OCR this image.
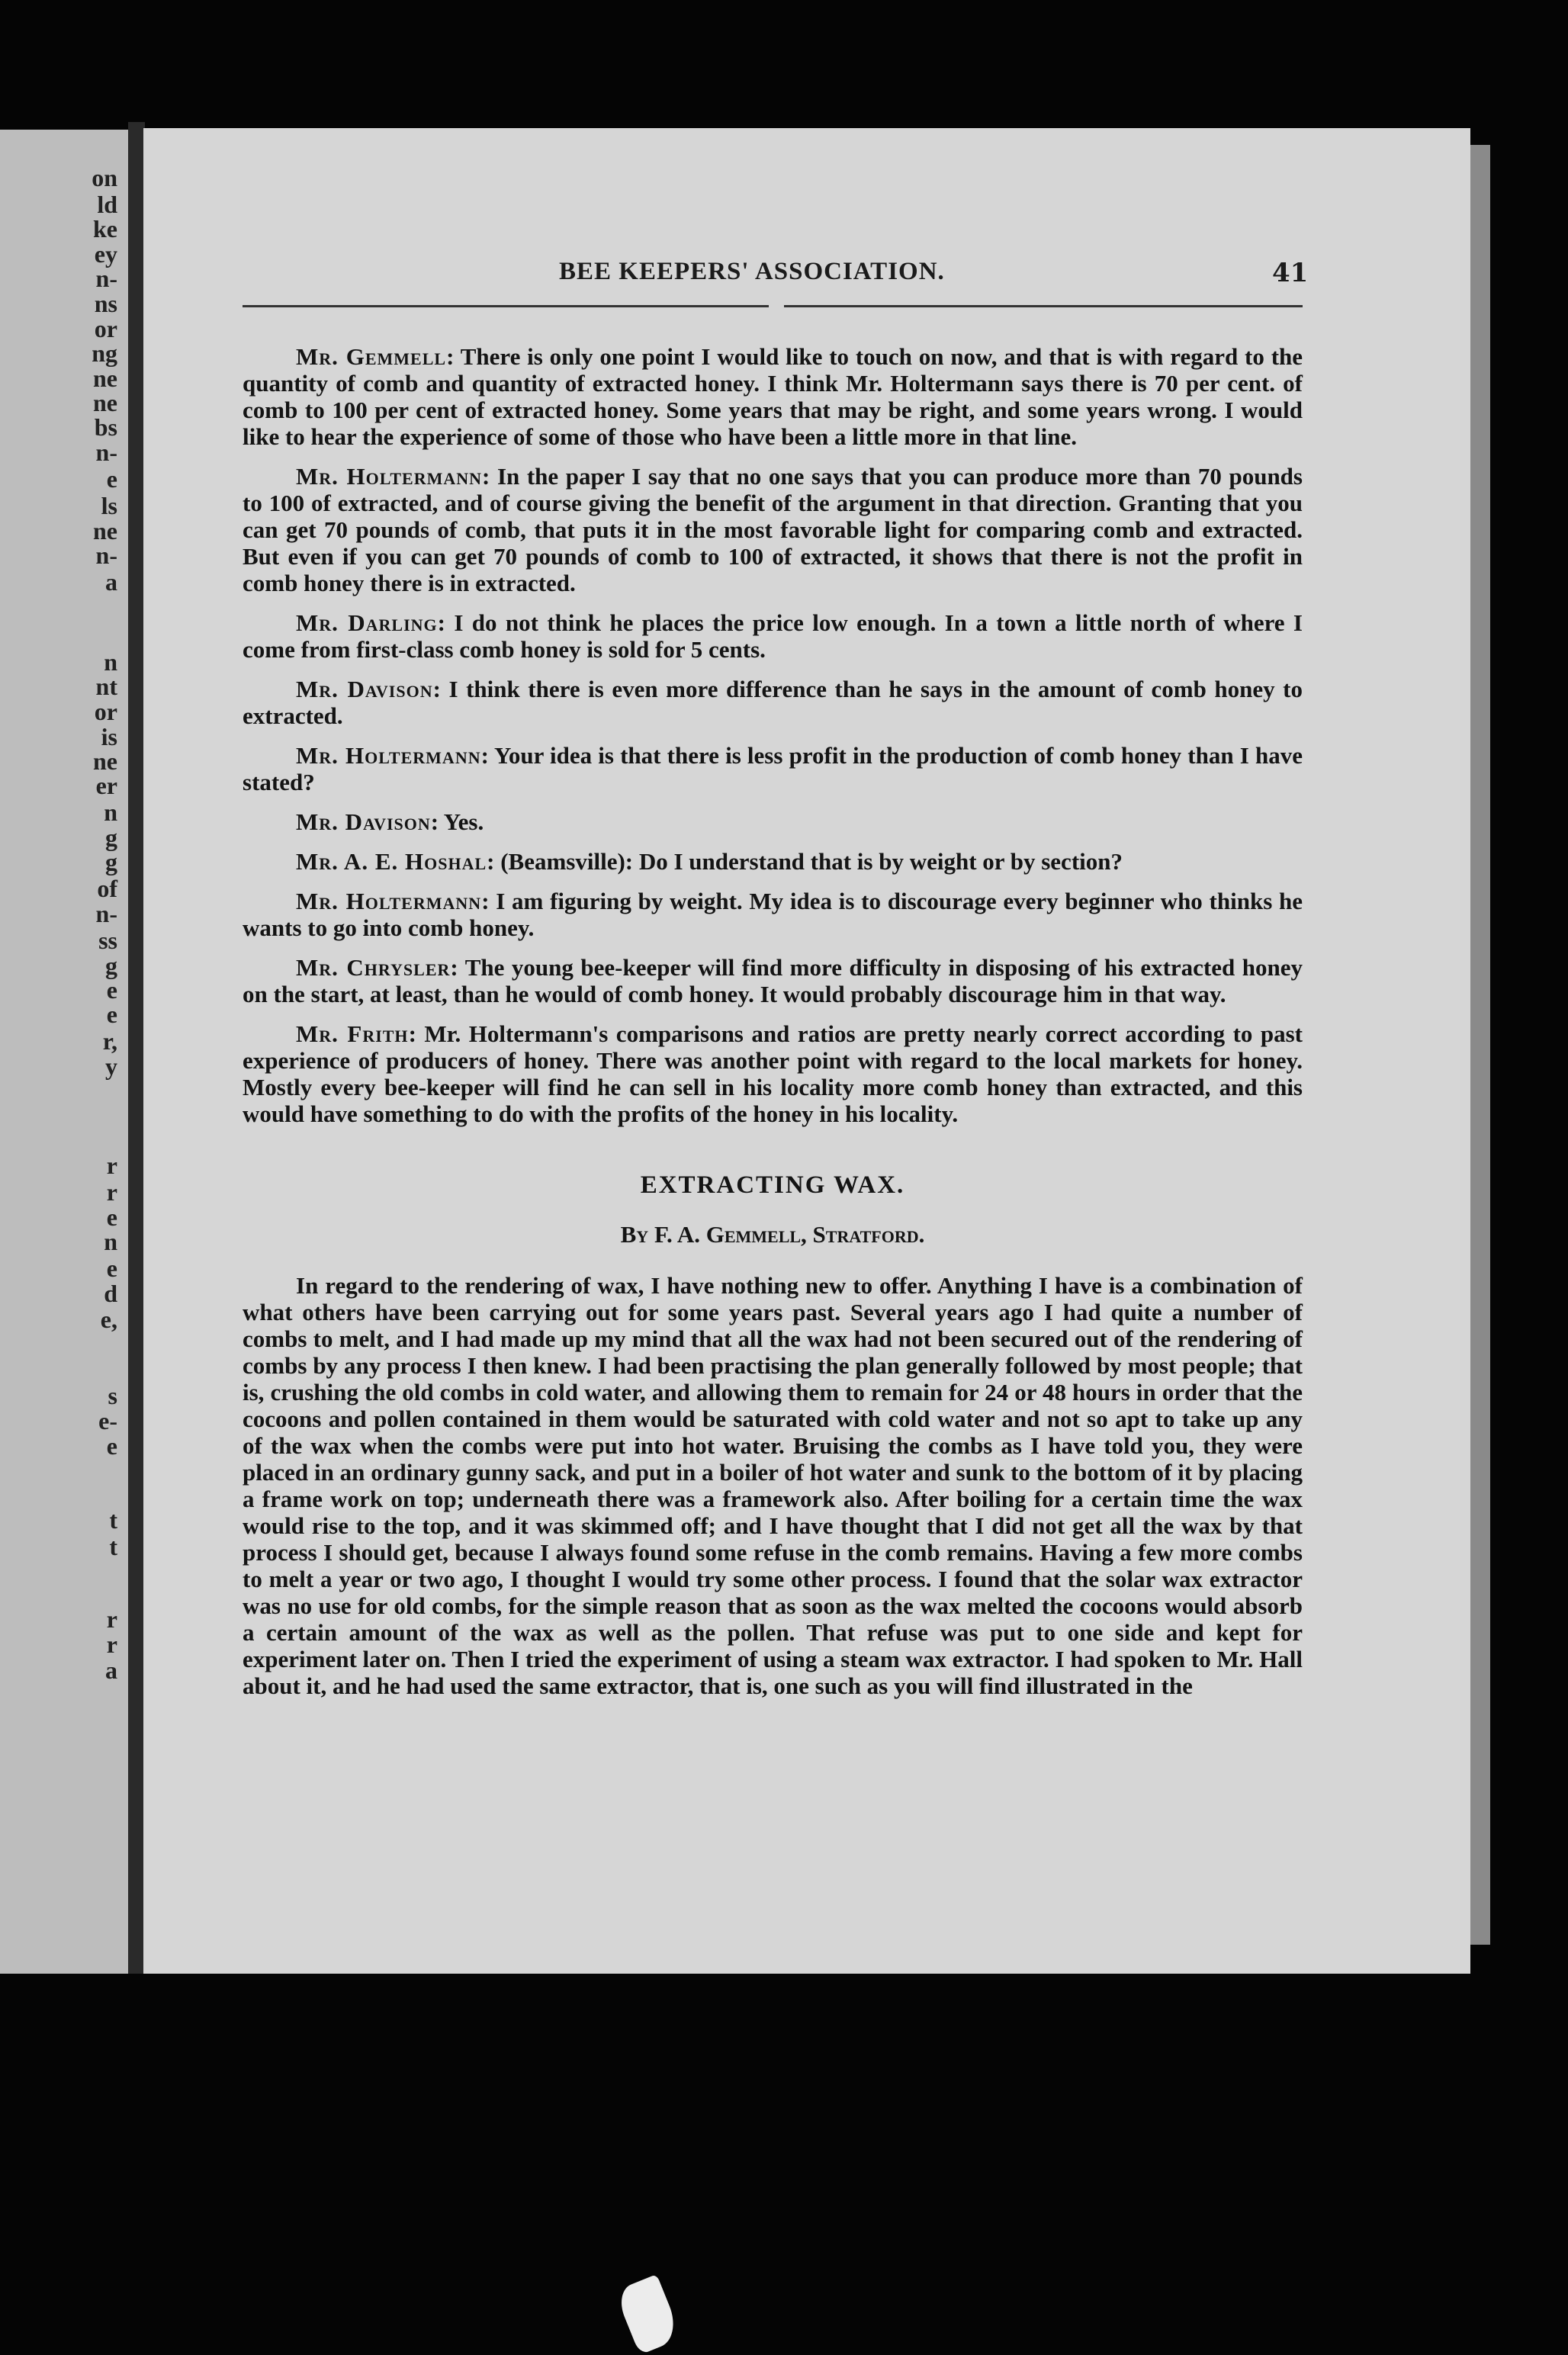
on
ld
ke
ey
n-
ns
or
ng
ne
ne
bs
n-
e
ls
ne
n-
a
n
nt
or
is
ne
er
n
g
g
of
n-
ss
g
e
e
r,
y
r
r
e
n
e
d
e,
s
e-
e
t
t
r
r
a
BEE KEEPERS' ASSOCIATION.	41

Mr. Gemmell: There is only one point I would like to touch on now, and that is with regard to the quantity of comb and quantity of extracted honey. I think Mr. Holtermann says there is 70 per cent. of comb to 100 per cent of extracted honey. Some years that may be right, and some years wrong. I would like to hear the experience of some of those who have been a little more in that line.

Mr. Holtermann: In the paper I say that no one says that you can produce more than 70 pounds to 100 of extracted, and of course giving the benefit of the argument in that direction. Granting that you can get 70 pounds of comb, that puts it in the most favorable light for comparing comb and extracted. But even if you can get 70 pounds of comb to 100 of extracted, it shows that there is not the profit in comb honey there is in extracted.

Mr. Darling: I do not think he places the price low enough. In a town a little north of where I come from first-class comb honey is sold for 5 cents.

Mr. Davison: I think there is even more difference than he says in the amount of comb honey to extracted.

Mr. Holtermann: Your idea is that there is less profit in the production of comb honey than I have stated?

Mr. Davison: Yes.

Mr. A. E. Hoshal: (Beamsville): Do I understand that is by weight or by section?

Mr. Holtermann: I am figuring by weight. My idea is to discourage every beginner who thinks he wants to go into comb honey.

Mr. Chrysler: The young bee-keeper will find more difficulty in disposing of his extracted honey on the start, at least, than he would of comb honey. It would probably discourage him in that way.

Mr. Frith: Mr. Holtermann's comparisons and ratios are pretty nearly correct according to past experience of producers of honey. There was another point with regard to the local markets for honey. Mostly every bee-keeper will find he can sell in his locality more comb honey than extracted, and this would have something to do with the profits of the honey in his locality.

EXTRACTING WAX.
By F. A. Gemmell, Stratford.

In regard to the rendering of wax, I have nothing new to offer. Anything I have is a combination of what others have been carrying out for some years past. Several years ago I had quite a number of combs to melt, and I had made up my mind that all the wax had not been secured out of the rendering of combs by any process I then knew. I had been practising the plan generally followed by most people; that is, crushing the old combs in cold water, and allowing them to remain for 24 or 48 hours in order that the cocoons and pollen contained in them would be saturated with cold water and not so apt to take up any of the wax when the combs were put into hot water. Bruising the combs as I have told you, they were placed in an ordinary gunny sack, and put in a boiler of hot water and sunk to the bottom of it by placing a frame work on top; underneath there was a framework also. After boiling for a certain time the wax would rise to the top, and it was skimmed off; and I have thought that I did not get all the wax by that process I should get, because I always found some refuse in the comb remains. Having a few more combs to melt a year or two ago, I thought I would try some other process. I found that the solar wax extractor was no use for old combs, for the simple reason that as soon as the wax melted the cocoons would absorb a certain amount of the wax as well as the pollen. That refuse was put to one side and kept for experiment later on. Then I tried the experiment of using a steam wax extractor. I had spoken to Mr. Hall about it, and he had used the same extractor, that is, one such as you will find illustrated in the
